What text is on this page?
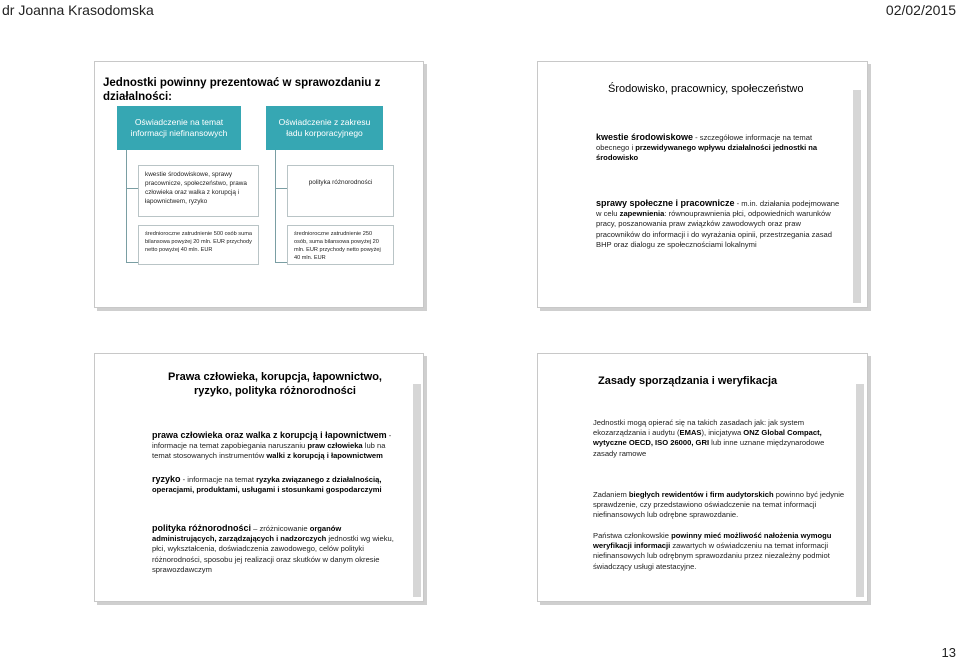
dr Joanna Krasodomska	02/02/2015
Jednostki powinny prezentować w sprawozdaniu z działalności:
Oświadczenie na temat informacji niefinansowych
Oświadczenie z zakresu ładu korporacyjnego
kwestie środowiskowe, sprawy pracownicze, społeczeństwo, prawa człowieka oraz walka z korupcją i łapownictwem, ryzyko
średnioroczne zatrudnienie 500 osób suma bilansowa powyżej 20 mln. EUR przychody netto powyżej 40 mln. EUR
polityka różnorodności
średnioroczne zatrudnienie 250 osób, suma bilansowa powyżej 20 mln. EUR przychody netto powyżej 40 mln. EUR
Środowisko, pracownicy, społeczeństwo
kwestie środowiskowe - szczegółowe informacje na temat obecnego i przewidywanego wpływu działalności jednostki na środowisko
sprawy społeczne i pracownicze - m.in. działania podejmowane w celu zapewnienia: równouprawnienia płci, odpowiednich warunków pracy, poszanowania praw związków zawodowych oraz praw pracowników do informacji i do wyrażania opinii, przestrzegania zasad BHP oraz dialogu ze społecznościami lokalnymi
Prawa człowieka, korupcja, łapownictwo, ryzyko, polityka różnorodności
prawa człowieka oraz walka z korupcją i łapownictwem - informacje na temat zapobiegania naruszaniu praw człowieka lub na temat stosowanych instrumentów walki z korupcją i łapownictwem
ryzyko - informacje na temat ryzyka związanego z działalnością, operacjami, produktami, usługami i stosunkami gospodarczymi
polityka różnorodności – zróżnicowanie organów administrujących, zarządzających i nadzorczych jednostki wg wieku, płci, wykształcenia, doświadczenia zawodowego, celów polityki różnorodności, sposobu jej realizacji oraz skutków w danym okresie sprawozdawczym
Zasady sporządzania i weryfikacja
Jednostki mogą opierać się na takich zasadach jak: jak system ekozarządzania i audytu (EMAS), inicjatywa ONZ Global Compact, wytyczne OECD, ISO 26000, GRI lub inne uznane międzynarodowe zasady ramowe
Zadaniem biegłych rewidentów i firm audytorskich powinno być jedynie sprawdzenie, czy przedstawiono oświadczenie na temat informacji niefinansowych lub odrębne sprawozdanie.
Państwa członkowskie powinny mieć możliwość nałożenia wymogu weryfikacji informacji zawartych w oświadczeniu na temat informacji niefinansowych lub odrębnym sprawozdaniu przez niezależny podmiot świadczący usługi atestacyjne.
13
